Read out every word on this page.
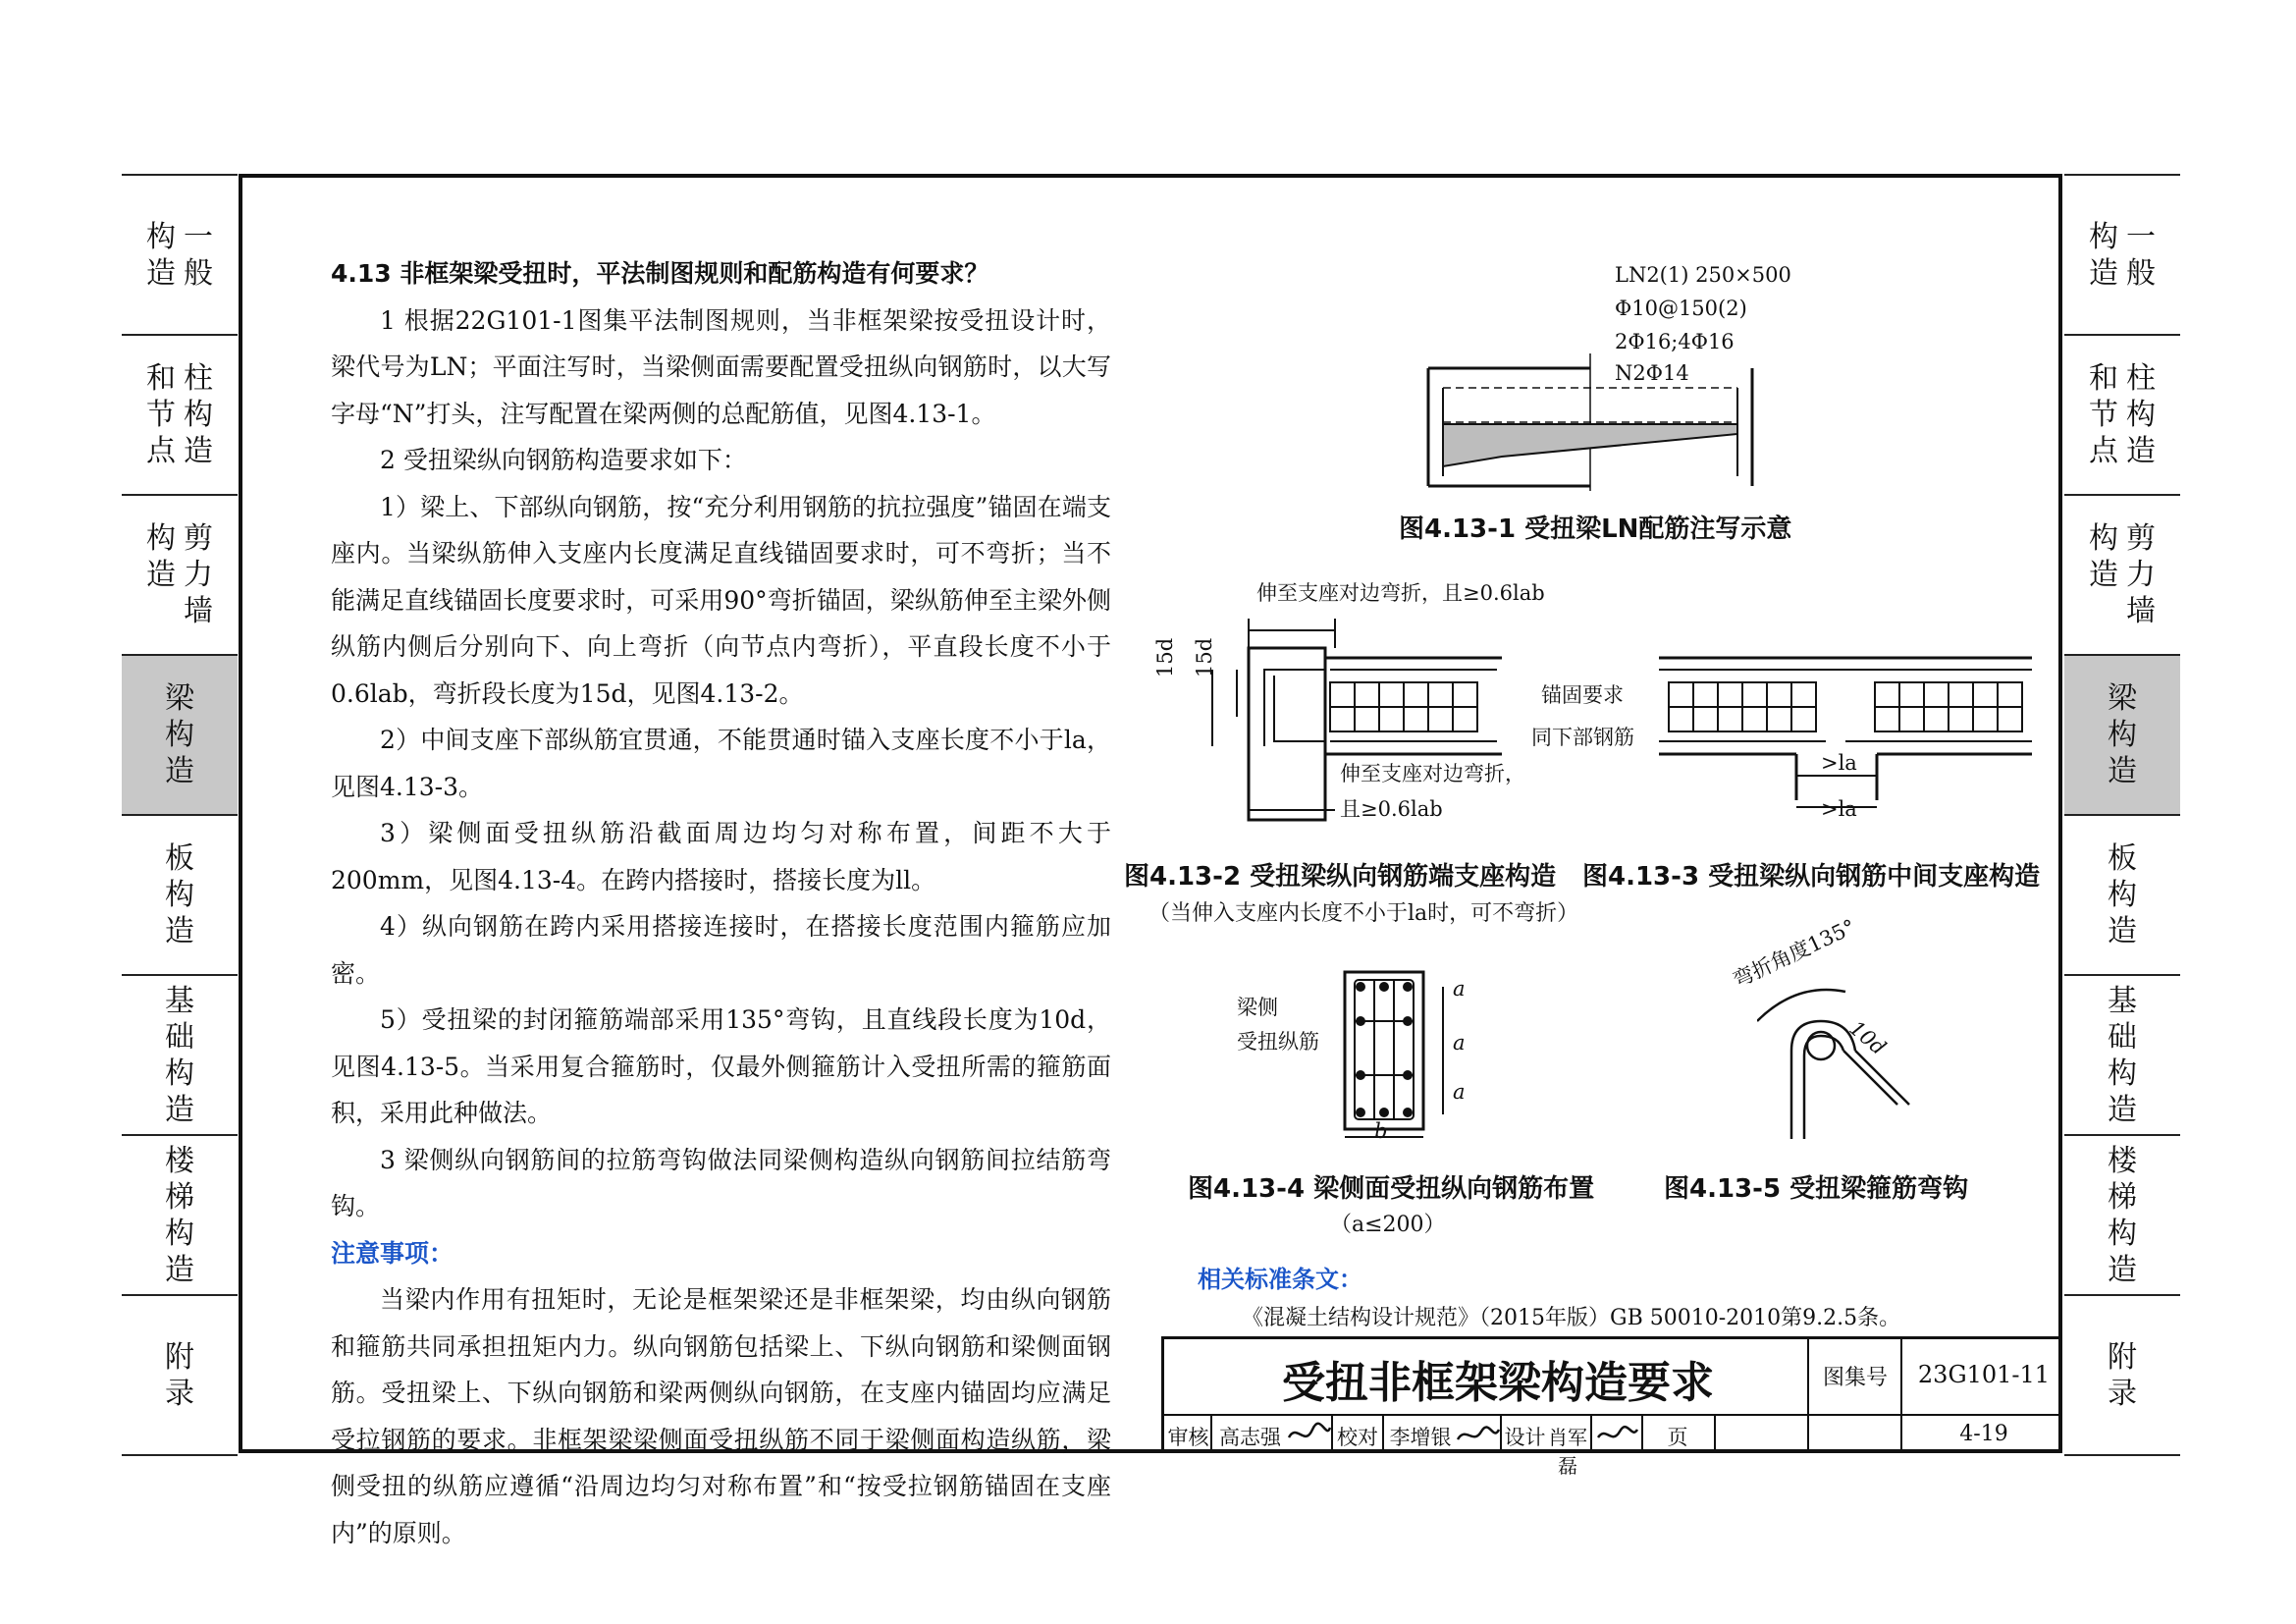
一
般
构
造
柱
构
造
和
节
点
剪
力
墙
构
造
梁
构
造
板
构
造
基
础
构
造
楼
梯
构
造
附
录
一
般
构
造
柱
构
造
和
节
点
剪
力
墙
构
造
梁
构
造
板
构
造
基
础
构
造
楼
梯
构
造
附
录

4.13 非框架梁受扭时，平法制图规则和配筋构造有何要求？

1 根据22G101-1图集平法制图规则，当非框架梁按受扭设计时，梁代号为LN；平面注写时，当梁侧面需要配置受扭纵向钢筋时，以大写字母“N”打头，注写配置在梁两侧的总配筋值，见图4.13-1。

2 受扭梁纵向钢筋构造要求如下：

1）梁上、下部纵向钢筋，按“充分利用钢筋的抗拉强度”锚固在端支座内。当梁纵筋伸入支座内长度满足直线锚固要求时，可不弯折；当不能满足直线锚固长度要求时，可采用90°弯折锚固，梁纵筋伸至主梁外侧纵筋内侧后分别向下、向上弯折（向节点内弯折），平直段长度不小于0.6lab，弯折段长度为15d，见图4.13-2。

2）中间支座下部纵筋宜贯通，不能贯通时锚入支座长度不小于la，见图4.13-3。

3）梁侧面受扭纵筋沿截面周边均匀对称布置，间距不大于200mm，见图4.13-4。在跨内搭接时，搭接长度为ll。

4）纵向钢筋在跨内采用搭接连接时，在搭接长度范围内箍筋应加密。

5）受扭梁的封闭箍筋端部采用135°弯钩，且直线段长度为10d，见图4.13-5。当采用复合箍筋时，仅最外侧箍筋计入受扭所需的箍筋面积，采用此种做法。

3 梁侧纵向钢筋间的拉筋弯钩做法同梁侧构造纵向钢筋间拉结筋弯钩。

注意事项：

当梁内作用有扭矩时，无论是框架梁还是非框架梁，均由纵向钢筋和箍筋共同承担扭矩内力。纵向钢筋包括梁上、下纵向钢筋和梁侧面钢筋。受扭梁上、下纵向钢筋和梁两侧纵向钢筋，在支座内锚固均应满足受拉钢筋的要求。非框架梁梁侧面受扭纵筋不同于梁侧面构造纵筋，梁侧受扭的纵筋应遵循“沿周边均匀对称布置”和“按受拉钢筋锚固在支座内”的原则。

LN2(1) 250×500
Φ10@150(2)
2Φ16;4Φ16
N2Φ14
图4.13-1 受扭梁LN配筋注写示意
伸至支座对边弯折，且≥0.6lab
15d 15d
伸至支座对边弯折，
且≥0.6lab
图4.13-2 受扭梁纵向钢筋端支座构造
（当伸入支座内长度不小于la时，可不弯折）
锚固要求
同下部钢筋
>la
>la
图4.13-3 受扭梁纵向钢筋中间支座构造
梁侧
受扭纵筋
a
a
a
b
图4.13-4 梁侧面受扭纵向钢筋布置
（a≤200）
弯折角度135°
10d
图4.13-5 受扭梁箍筋弯钩
相关标准条文：
《混凝土结构设计规范》（2015年版）GB 50010-2010第9.2.5条。
受扭非框架梁构造要求	图集号	23G101-11
审核 高志强	校对 李增银	设计 肖军磊
页	4-19
